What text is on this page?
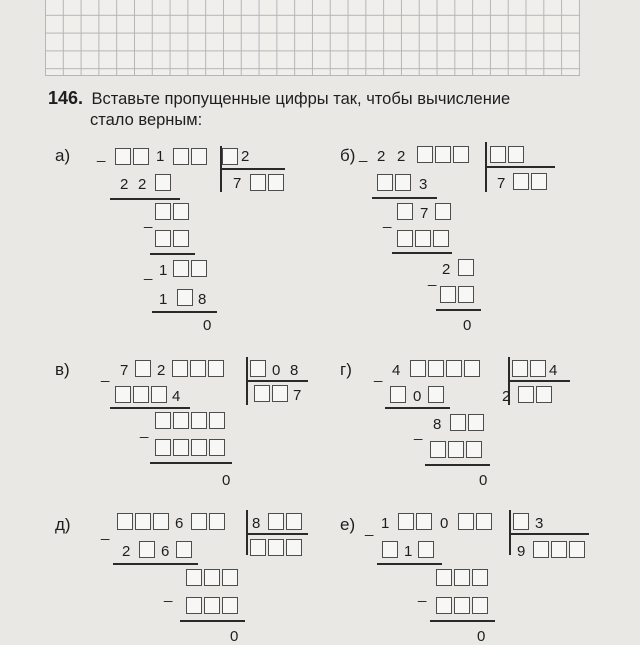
146. Вставьте пропущенные цифры так, чтобы вычисление
стало верным:
а) _	1	2
7
2 2
_
_ 1
1 8
0
б) _ 2 2
7
3
_ 7
_
2
0
в) _ 7 2	0 8
7
4
_
0
г) _ 4	4
2
0
_ 8
0
д) _
6	8
2 6
_
0
е) _ 1	0	3
9
1
_
0
